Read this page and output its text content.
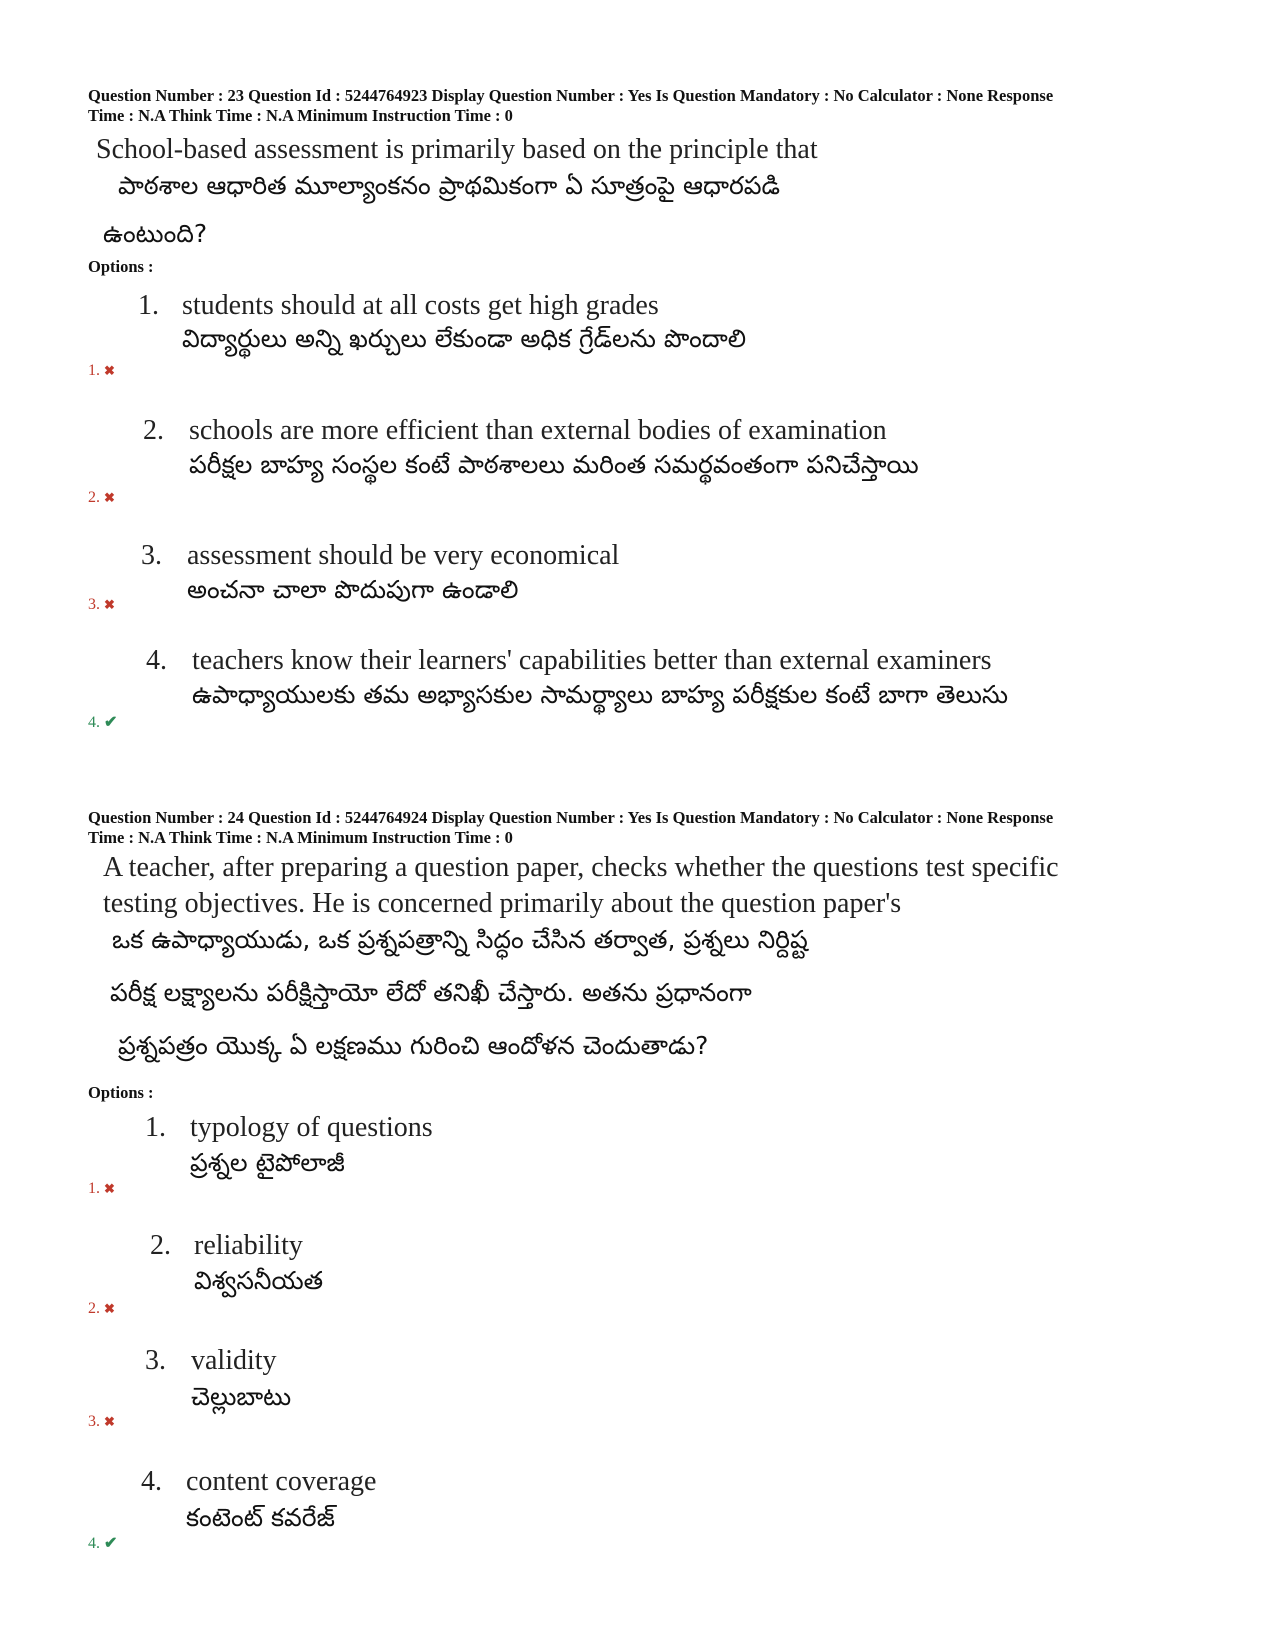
Question Number : 23 Question Id : 5244764923 Display Question Number : Yes Is Question Mandatory : No Calculator : None Response
Time : N.A Think Time : N.A Minimum Instruction Time : 0
School-based assessment is primarily based on the principle that
పాఠశాల ఆధారిత మూల్యాంకనం ప్రాథమికంగా ఏ సూత్రంపై ఆధారపడి
ఉంటుంది?
Options :
1. students should at all costs get high grades
విద్యార్థులు అన్ని ఖర్చులు లేకుండా అధిక గ్రేడ్‌లను పొందాలి
1. ✖
2. schools are more efficient than external bodies of examination
పరీక్షల బాహ్య సంస్థల కంటే పాఠశాలలు మరింత సమర్థవంతంగా పనిచేస్తాయి
2. ✖
3. assessment should be very economical
అంచనా చాలా పొదుపుగా ఉండాలి
3. ✖
4. teachers know their learners' capabilities better than external examiners
ఉపాధ్యాయులకు తమ అభ్యాసకుల సామర్థ్యాలు బాహ్య పరీక్షకుల కంటే బాగా తెలుసు
4. ✔
Question Number : 24 Question Id : 5244764924 Display Question Number : Yes Is Question Mandatory : No Calculator : None Response
Time : N.A Think Time : N.A Minimum Instruction Time : 0
A teacher, after preparing a question paper, checks whether the questions test specific
testing objectives. He is concerned primarily about the question paper's
ఒక ఉపాధ్యాయుడు, ఒక ప్రశ్నపత్రాన్ని సిద్ధం చేసిన తర్వాత, ప్రశ్నలు నిర్దిష్ట
పరీక్ష లక్ష్యాలను పరీక్షిస్తాయో లేదో తనిఖీ చేస్తారు. అతను ప్రధానంగా
ప్రశ్నపత్రం యొక్క ఏ లక్షణము గురించి ఆందోళన చెందుతాడు?
Options :
1. typology of questions
ప్రశ్నల టైపోలాజీ
1. ✖
2. reliability
విశ్వసనీయత
2. ✖
3. validity
చెల్లుబాటు
3. ✖
4. content coverage
కంటెంట్ కవరేజ్
4. ✔
